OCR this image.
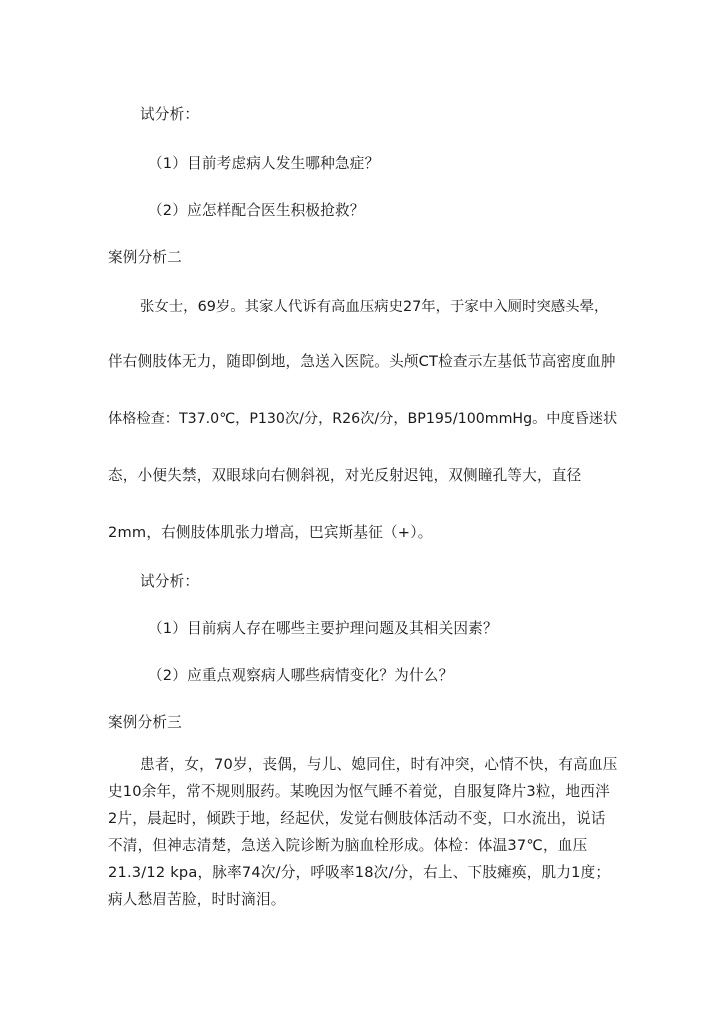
试分析：
（1）目前考虑病人发生哪种急症？
（2）应怎样配合医生积极抢救？
案例分析二
张女士，69岁。其家人代诉有高血压病史27年，于家中入厕时突感头晕，
伴右侧肢体无力，随即倒地，急送入医院。头颅CT检查示左基低节高密度血肿
体格检查：T37.0℃，P130次/分，R26次/分，BP195/100mmHg。中度昏迷状
态，小便失禁，双眼球向右侧斜视，对光反射迟钝，双侧瞳孔等大，直径
2mm，右侧肢体肌张力增高，巴宾斯基征（+）。
试分析：
（1）目前病人存在哪些主要护理问题及其相关因素？
（2）应重点观察病人哪些病情变化？为什么？
案例分析三
患者，女，70岁，丧偶，与儿、媳同住，时有冲突，心情不快，有高血压
史10余年，常不规则服药。某晚因为怄气睡不着觉，自服复降片3粒，地西泮
2片，晨起时，倾跌于地，经起伏，发觉右侧肢体活动不变，口水流出，说话
不清，但神志清楚，急送入院诊断为脑血栓形成。体检：体温37℃，血压
21.3/12 kpa，脉率74次/分，呼吸率18次/分，右上、下肢瘫痪，肌力1度；
病人愁眉苦脸，时时滴泪。
